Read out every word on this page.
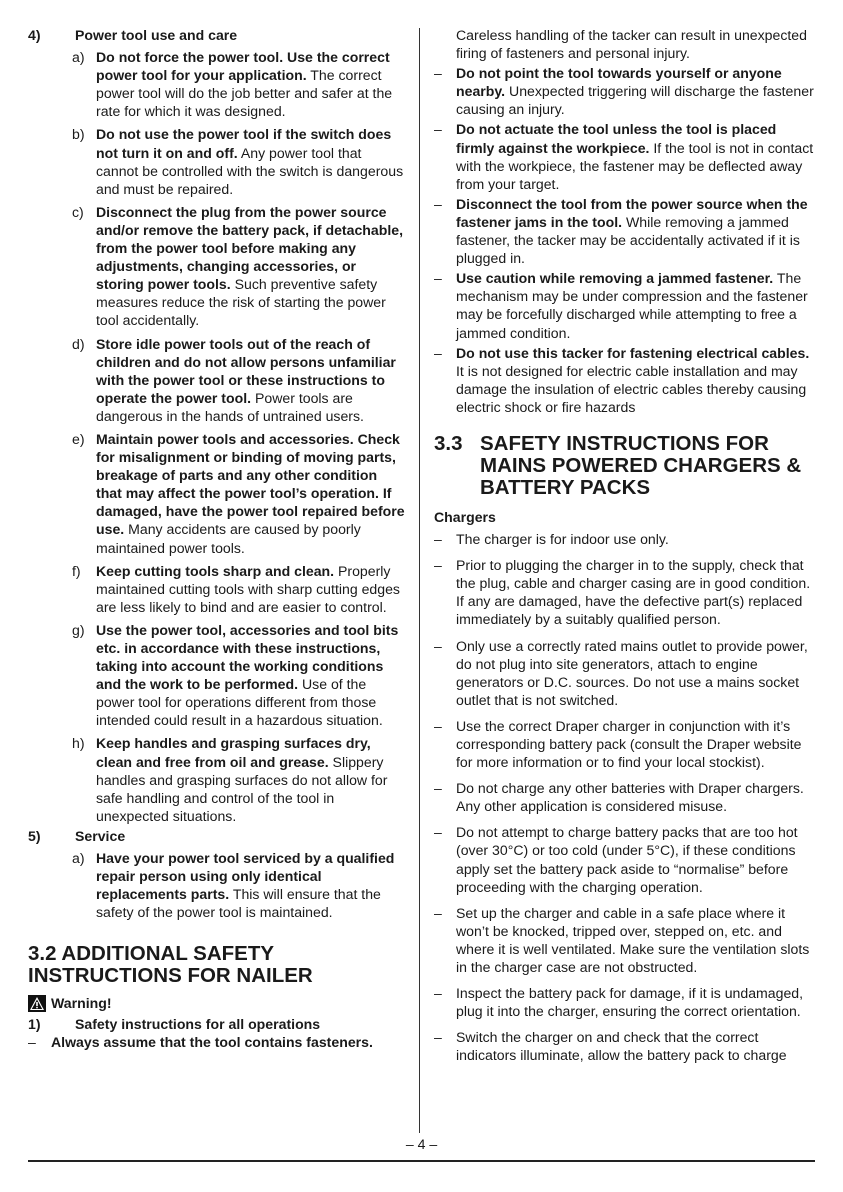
4) Power tool use and care
a) Do not force the power tool. Use the correct power tool for your application. The correct power tool will do the job better and safer at the rate for which it was designed.
b) Do not use the power tool if the switch does not turn it on and off. Any power tool that cannot be controlled with the switch is dangerous and must be repaired.
c) Disconnect the plug from the power source and/or remove the battery pack, if detachable, from the power tool before making any adjustments, changing accessories, or storing power tools. Such preventive safety measures reduce the risk of starting the power tool accidentally.
d) Store idle power tools out of the reach of children and do not allow persons unfamiliar with the power tool or these instructions to operate the power tool. Power tools are dangerous in the hands of untrained users.
e) Maintain power tools and accessories. Check for misalignment or binding of moving parts, breakage of parts and any other condition that may affect the power tool’s operation. If damaged, have the power tool repaired before use. Many accidents are caused by poorly maintained power tools.
f) Keep cutting tools sharp and clean. Properly maintained cutting tools with sharp cutting edges are less likely to bind and are easier to control.
g) Use the power tool, accessories and tool bits etc. in accordance with these instructions, taking into account the working conditions and the work to be performed. Use of the power tool for operations different from those intended could result in a hazardous situation.
h) Keep handles and grasping surfaces dry, clean and free from oil and grease. Slippery handles and grasping surfaces do not allow for safe handling and control of the tool in unexpected situations.
5) Service
a) Have your power tool serviced by a qualified repair person using only identical replacements parts. This will ensure that the safety of the power tool is maintained.
3.2 ADDITIONAL SAFETY INSTRUCTIONS FOR NAILER
Warning!
1) Safety instructions for all operations
– Always assume that the tool contains fasteners.

Careless handling of the tacker can result in unexpected firing of fasteners and personal injury.

– Do not point the tool towards yourself or anyone nearby. Unexpected triggering will discharge the fastener causing an injury.
– Do not actuate the tool unless the tool is placed firmly against the workpiece. If the tool is not in contact with the workpiece, the fastener may be deflected away from your target.
– Disconnect the tool from the power source when the fastener jams in the tool. While removing a jammed fastener, the tacker may be accidentally activated if it is plugged in.
– Use caution while removing a jammed fastener. The mechanism may be under compression and the fastener may be forcefully discharged while attempting to free a jammed condition.
– Do not use this tacker for fastening electrical cables. It is not designed for electric cable installation and may damage the insulation of electric cables thereby causing electric shock or fire hazards
3.3 SAFETY INSTRUCTIONS FOR MAINS POWERED CHARGERS & BATTERY PACKS
Chargers
– The charger is for indoor use only.
– Prior to plugging the charger in to the supply, check that the plug, cable and charger casing are in good condition. If any are damaged, have the defective part(s) replaced immediately by a suitably qualified person.
– Only use a correctly rated mains outlet to provide power, do not plug into site generators, attach to engine generators or D.C. sources. Do not use a mains socket outlet that is not switched.
– Use the correct Draper charger in conjunction with it’s corresponding battery pack (consult the Draper website for more information or to find your local stockist).
– Do not charge any other batteries with Draper chargers. Any other application is considered misuse.
– Do not attempt to charge battery packs that are too hot (over 30°C) or too cold (under 5°C), if these conditions apply set the battery pack aside to “normalise” before proceeding with the charging operation.
– Set up the charger and cable in a safe place where it won’t be knocked, tripped over, stepped on, etc. and where it is well ventilated. Make sure the ventilation slots in the charger case are not obstructed.
– Inspect the battery pack for damage, if it is undamaged, plug it into the charger, ensuring the correct orientation.
– Switch the charger on and check that the correct indicators illuminate, allow the battery pack to charge
– 4 –
